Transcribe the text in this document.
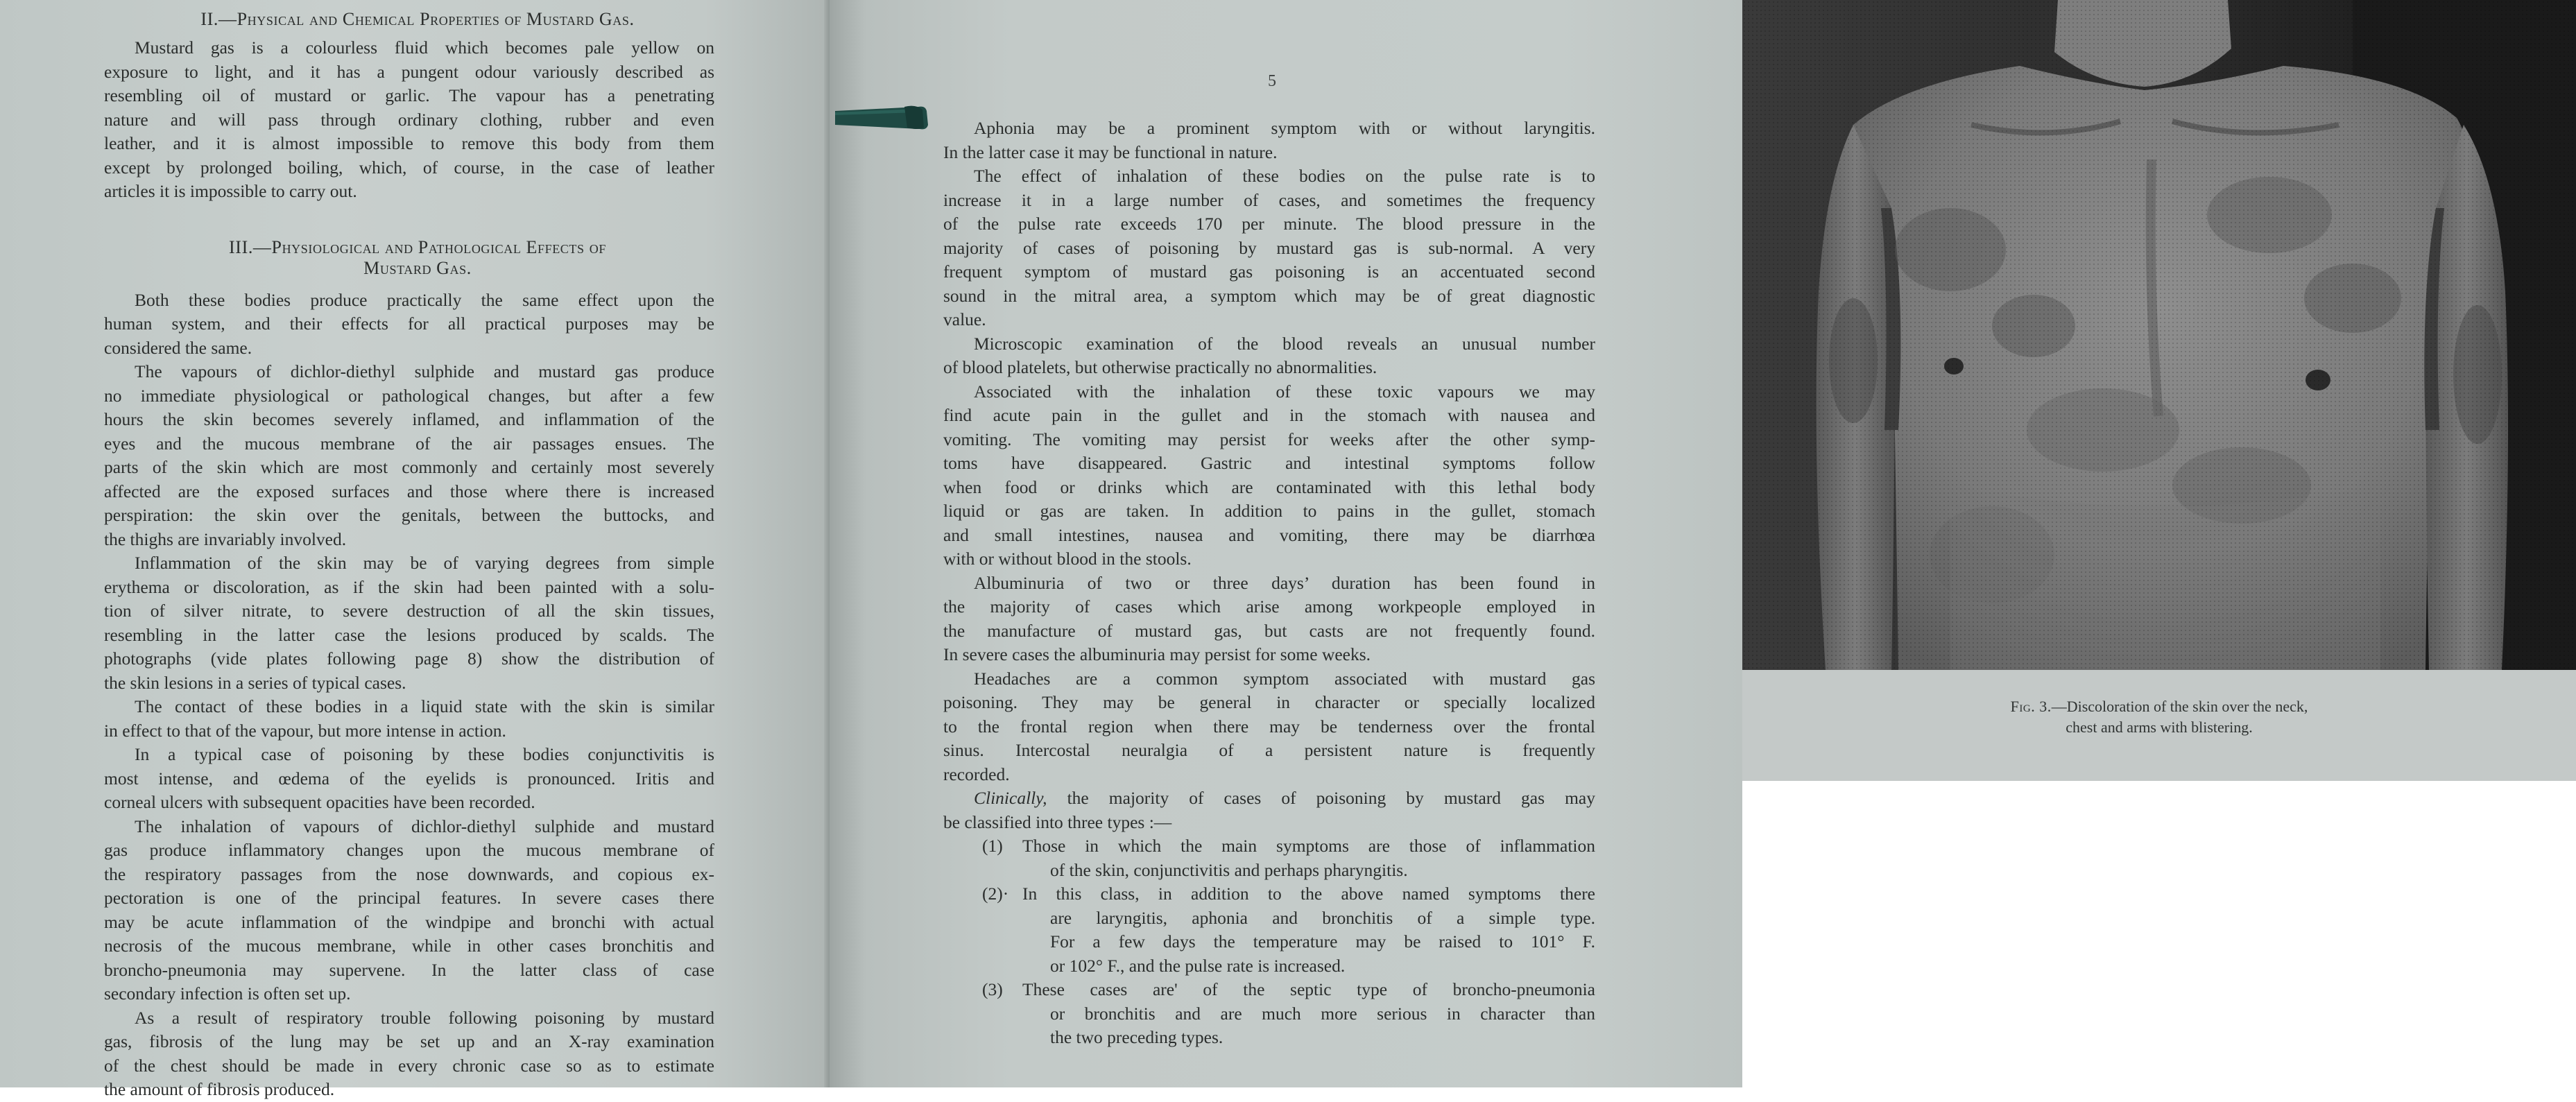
II.—Physical and Chemical Properties of Mustard Gas.

Mustard gas is a colourless fluid which becomes pale yellow on
exposure to light, and it has a pungent odour variously described as
resembling oil of mustard or garlic. The vapour has a penetrating
nature and will pass through ordinary clothing, rubber and even
leather, and it is almost impossible to remove this body from them
except by prolonged boiling, which, of course, in the case of leather
articles it is impossible to carry out.

III.—Physiological and Pathological Effects of

Mustard Gas.

Both these bodies produce practically the same effect upon the
human system, and their effects for all practical purposes may be
considered the same.
The vapours of dichlor-diethyl sulphide and mustard gas produce
no immediate physiological or pathological changes, but after a few
hours the skin becomes severely inflamed, and inflammation of the
eyes and the mucous membrane of the air passages ensues. The
parts of the skin which are most commonly and certainly most severely
affected are the exposed surfaces and those where there is increased
perspiration: the skin over the genitals, between the buttocks, and
the thighs are invariably involved.
Inflammation of the skin may be of varying degrees from simple
erythema or discoloration, as if the skin had been painted with a solu-
tion of silver nitrate, to severe destruction of all the skin tissues,
resembling in the latter case the lesions produced by scalds. The
photographs (vide plates following page 8) show the distribution of
the skin lesions in a series of typical cases.
The contact of these bodies in a liquid state with the skin is similar
in effect to that of the vapour, but more intense in action.
In a typical case of poisoning by these bodies conjunctivitis is
most intense, and œdema of the eyelids is pronounced. Iritis and
corneal ulcers with subsequent opacities have been recorded.
The inhalation of vapours of dichlor-diethyl sulphide and mustard
gas produce inflammatory changes upon the mucous membrane of
the respiratory passages from the nose downwards, and copious ex-
pectoration is one of the principal features. In severe cases there
may be acute inflammation of the windpipe and bronchi with actual
necrosis of the mucous membrane, while in other cases bronchitis and
broncho-pneumonia may supervene. In the latter class of case
secondary infection is often set up.
As a result of respiratory trouble following poisoning by mustard
gas, fibrosis of the lung may be set up and an X-ray examination
of the chest should be made in every chronic case so as to estimate
the amount of fibrosis produced.
5
Aphonia may be a prominent symptom with or without laryngitis.
In the latter case it may be functional in nature.
The effect of inhalation of these bodies on the pulse rate is to
increase it in a large number of cases, and sometimes the frequency
of the pulse rate exceeds 170 per minute. The blood pressure in the
majority of cases of poisoning by mustard gas is sub-normal. A very
frequent symptom of mustard gas poisoning is an accentuated second
sound in the mitral area, a symptom which may be of great diagnostic
value.
Microscopic examination of the blood reveals an unusual number
of blood platelets, but otherwise practically no abnormalities.
Associated with the inhalation of these toxic vapours we may
find acute pain in the gullet and in the stomach with nausea and
vomiting. The vomiting may persist for weeks after the other symp-
toms have disappeared. Gastric and intestinal symptoms follow
when food or drinks which are contaminated with this lethal body
liquid or gas are taken. In addition to pains in the gullet, stomach
and small intestines, nausea and vomiting, there may be diarrhœa
with or without blood in the stools.
Albuminuria of two or three days’ duration has been found in
the majority of cases which arise among workpeople employed in
the manufacture of mustard gas, but casts are not frequently found.
In severe cases the albuminuria may persist for some weeks.
Headaches are a common symptom associated with mustard gas
poisoning. They may be general in character or specially localized
to the frontal region when there may be tenderness over the frontal
sinus. Intercostal neuralgia of a persistent nature is frequently
recorded.
Clinically, the majority of cases of poisoning by mustard gas may
be classified into three types :—
(1)	Those in which the main symptoms are those of inflammation
of the skin, conjunctivitis and perhaps pharyngitis.
(2)· In this class, in addition to the above named symptoms there
are laryngitis, aphonia and bronchitis of a simple type.
For a few days the temperature may be raised to 101° F.
or 102° F., and the pulse rate is increased.
(3)	These cases are' of the septic type of broncho-pneumonia
or bronchitis and are much more serious in character than
the two preceding types.
Fig. 3.—Discoloration of the skin over the neck,
chest and arms with blistering.
